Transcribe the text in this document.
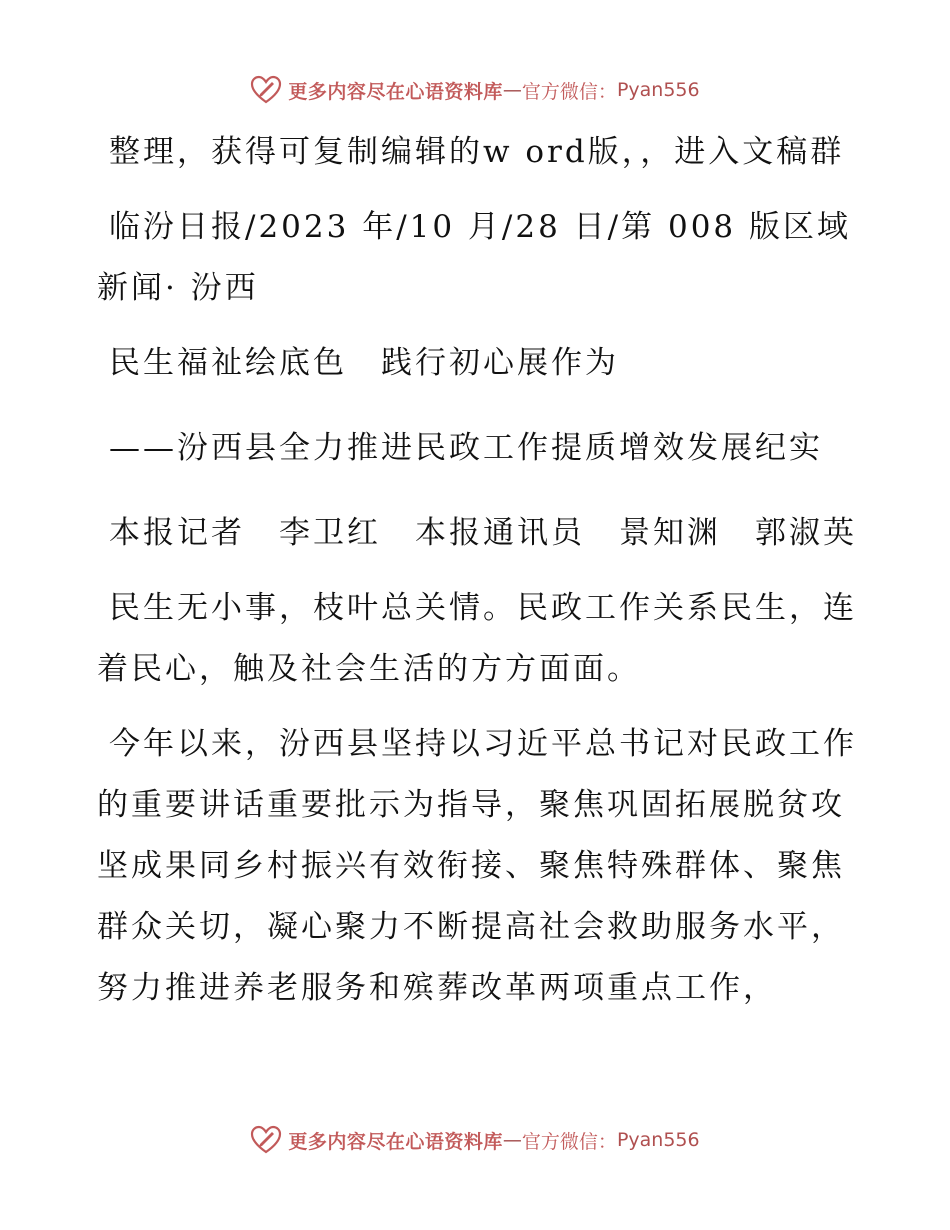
更多内容尽在心语资料库 — 官方微信： Pyan556

整理，获得可复制编辑的w ord版，，进入文稿群

临汾日报/2023 年/10 月/28 日/第 008 版区域新闻· 汾西

民生福祉绘底色　践行初心展作为

——汾西县全力推进民政工作提质增效发展纪实

本报记者　李卫红　本报通讯员　景知渊　郭淑英

民生无小事，枝叶总关情。民政工作关系民生，连着民心，触及社会生活的方方面面。

今年以来，汾西县坚持以习近平总书记对民政工作的重要讲话重要批示为指导，聚焦巩固拓展脱贫攻坚成果同乡村振兴有效衔接、聚焦特殊群体、聚焦群众关切，凝心聚力不断提高社会救助服务水平，努力推进养老服务和殡葬改革两项重点工作，

更多内容尽在心语资料库 — 官方微信： Pyan556
